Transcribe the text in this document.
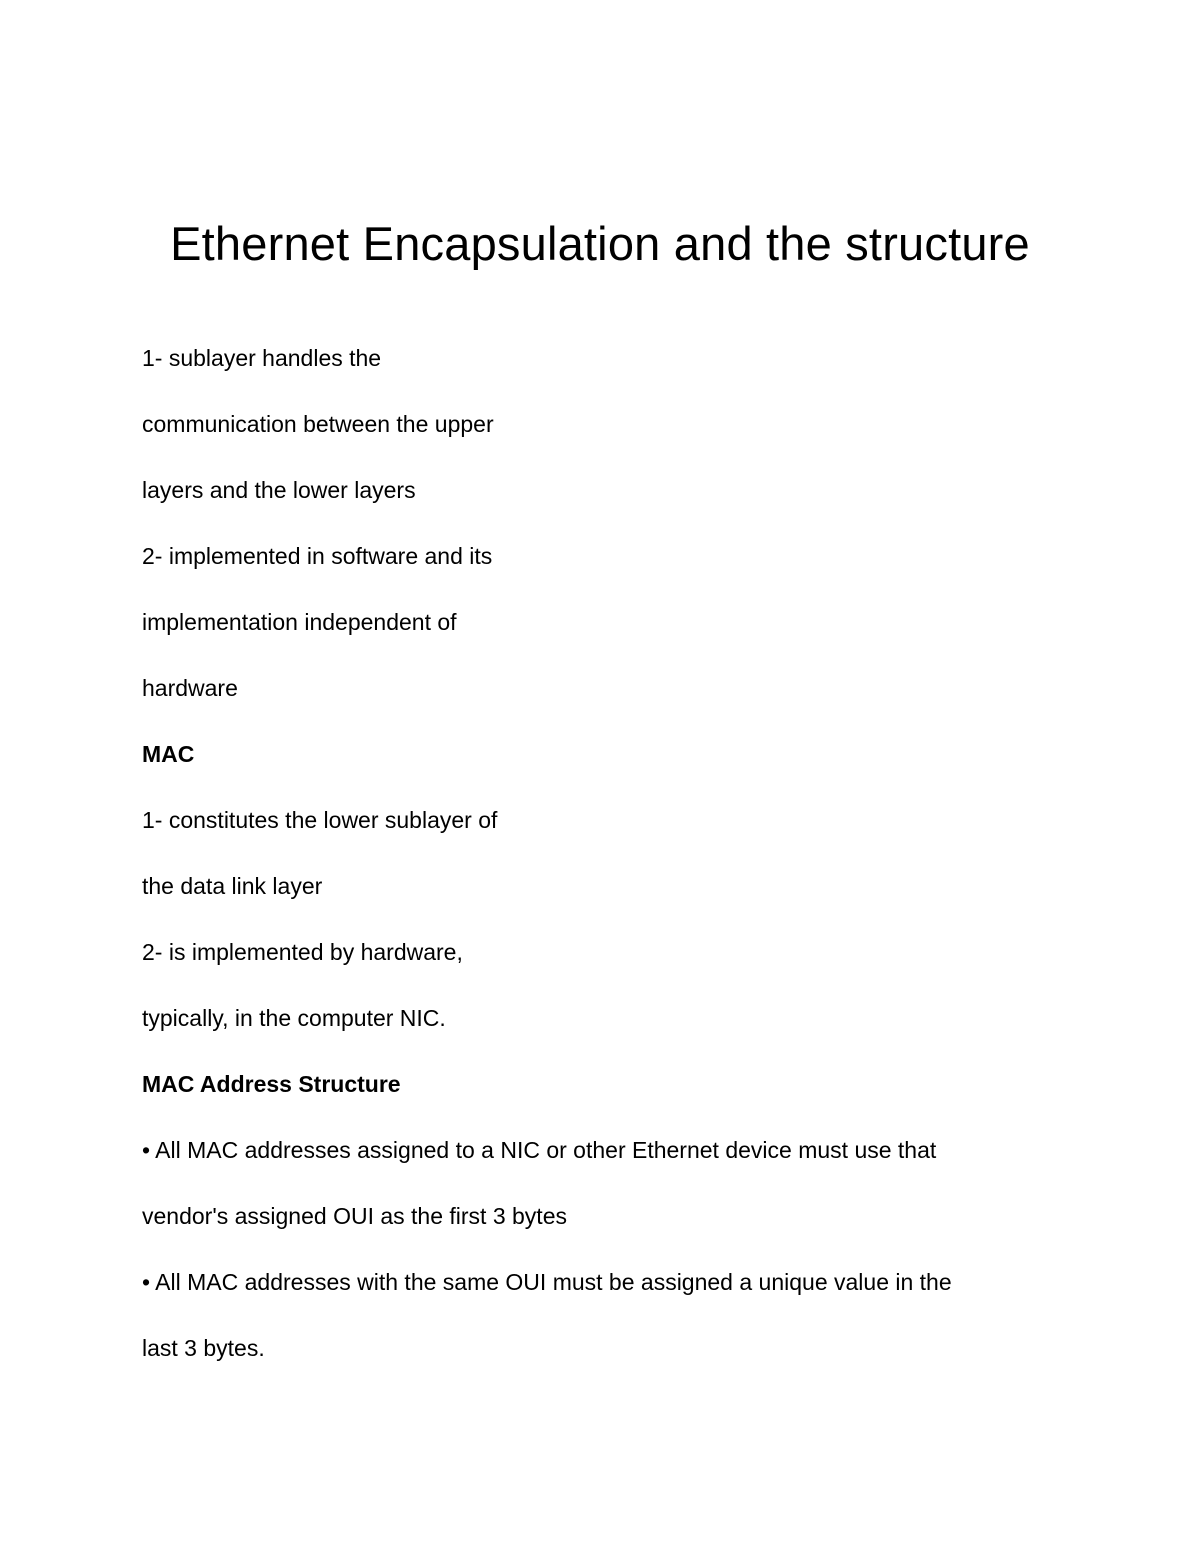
Ethernet Encapsulation and the structure

1- sublayer handles the

communication between the upper

layers and the lower layers

2- implemented in software and its

implementation independent of

hardware

MAC

1- constitutes the lower sublayer of

the data link layer

2- is implemented by hardware,

typically, in the computer NIC.

MAC Address Structure

• All MAC addresses assigned to a NIC or other Ethernet device must use that

vendor's assigned OUI as the first 3 bytes

• All MAC addresses with the same OUI must be assigned a unique value in the

last 3 bytes.
